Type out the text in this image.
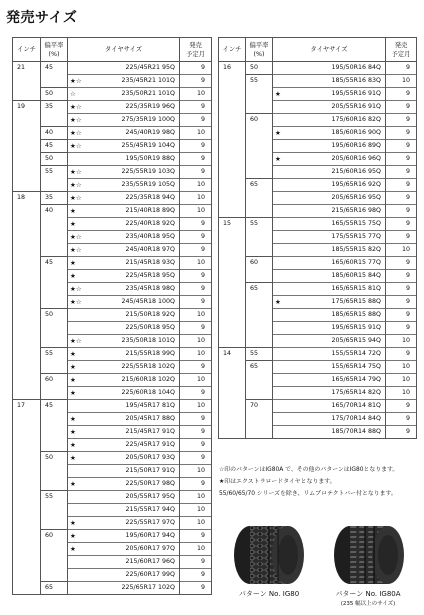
発売サイズ
インチ	偏平率
(%)	タイヤサイズ	発売
予定月
21	45	225/45R21 95Q	9

		★☆ 235/45R21 101Q	9
	50	☆ 235/50R21 101Q	10
19	35	★☆ 225/35R19 96Q	9

		★☆ 275/35R19 100Q	9
	40	★☆ 245/40R19 98Q	10
	45	★☆ 255/45R19 104Q	9
	50	195/50R19 88Q	9
	55	★☆ 225/55R19 103Q	9

		★☆ 235/55R19 105Q	10
18	35	★☆ 225/35R18 94Q	10
	40	★ 215/40R18 89Q	10

		★ 225/40R18 92Q	9

		★☆ 235/40R18 95Q	9

		★☆ 245/40R18 97Q	9
	45	★ 215/45R18 93Q	10

		★ 225/45R18 95Q	9

		★☆ 235/45R18 98Q	9

		★☆ 245/45R18 100Q	9
	50	215/50R18 92Q	10
		225/50R18 95Q	9

		★☆ 235/50R18 101Q	10
	55	★ 215/55R18 99Q	10

		★ 225/55R18 102Q	9
	60	★ 215/60R18 102Q	10

		★ 225/60R18 104Q	9
17	45	195/45R17 81Q	10

		★ 205/45R17 88Q	9

		★ 215/45R17 91Q	9

		★ 225/45R17 91Q	9
	50	★ 205/50R17 93Q	9
		215/50R17 91Q	10

		★ 225/50R17 98Q	9
	55	205/55R17 95Q	10
		215/55R17 94Q	10

		★ 225/55R17 97Q	10
	60	★ 195/60R17 94Q	9

		★ 205/60R17 97Q	10
		215/60R17 96Q	9
		225/60R17 99Q	9
	65	225/65R17 102Q	9
インチ	偏平率
(%)	タイヤサイズ	発売
予定月
16	50	195/50R16 84Q	9
	55	185/55R16 83Q	10

		★ 195/55R16 91Q	9
		205/55R16 91Q	9
	60	175/60R16 82Q	9

		★ 185/60R16 90Q	9
		195/60R16 89Q	9

		★ 205/60R16 96Q	9
		215/60R16 95Q	9
	65	195/65R16 92Q	9
		205/65R16 95Q	9
		215/65R16 98Q	9
15	55	165/55R15 75Q	9
		175/55R15 77Q	9
		185/55R15 82Q	10
	60	165/60R15 77Q	9
		185/60R15 84Q	9
	65	165/65R15 81Q	9

		★ 175/65R15 88Q	9
		185/65R15 88Q	9
		195/65R15 91Q	9
		205/65R15 94Q	10
14	55	155/55R14 72Q	9
	65	155/65R14 75Q	10
		165/65R14 79Q	10
		175/65R14 82Q	10
	70	165/70R14 81Q	9
		175/70R14 84Q	9
		185/70R14 88Q	9
☆印のパターンはIG80A で、その他のパターンはIG80となります。
★印はエクストラロードタイヤとなります。
55/60/65/70 シリーズを除き、リムプロテクトバー付となります。
パターン No. IG80	パターン No. IG80A
(235 幅以上のサイズ)
